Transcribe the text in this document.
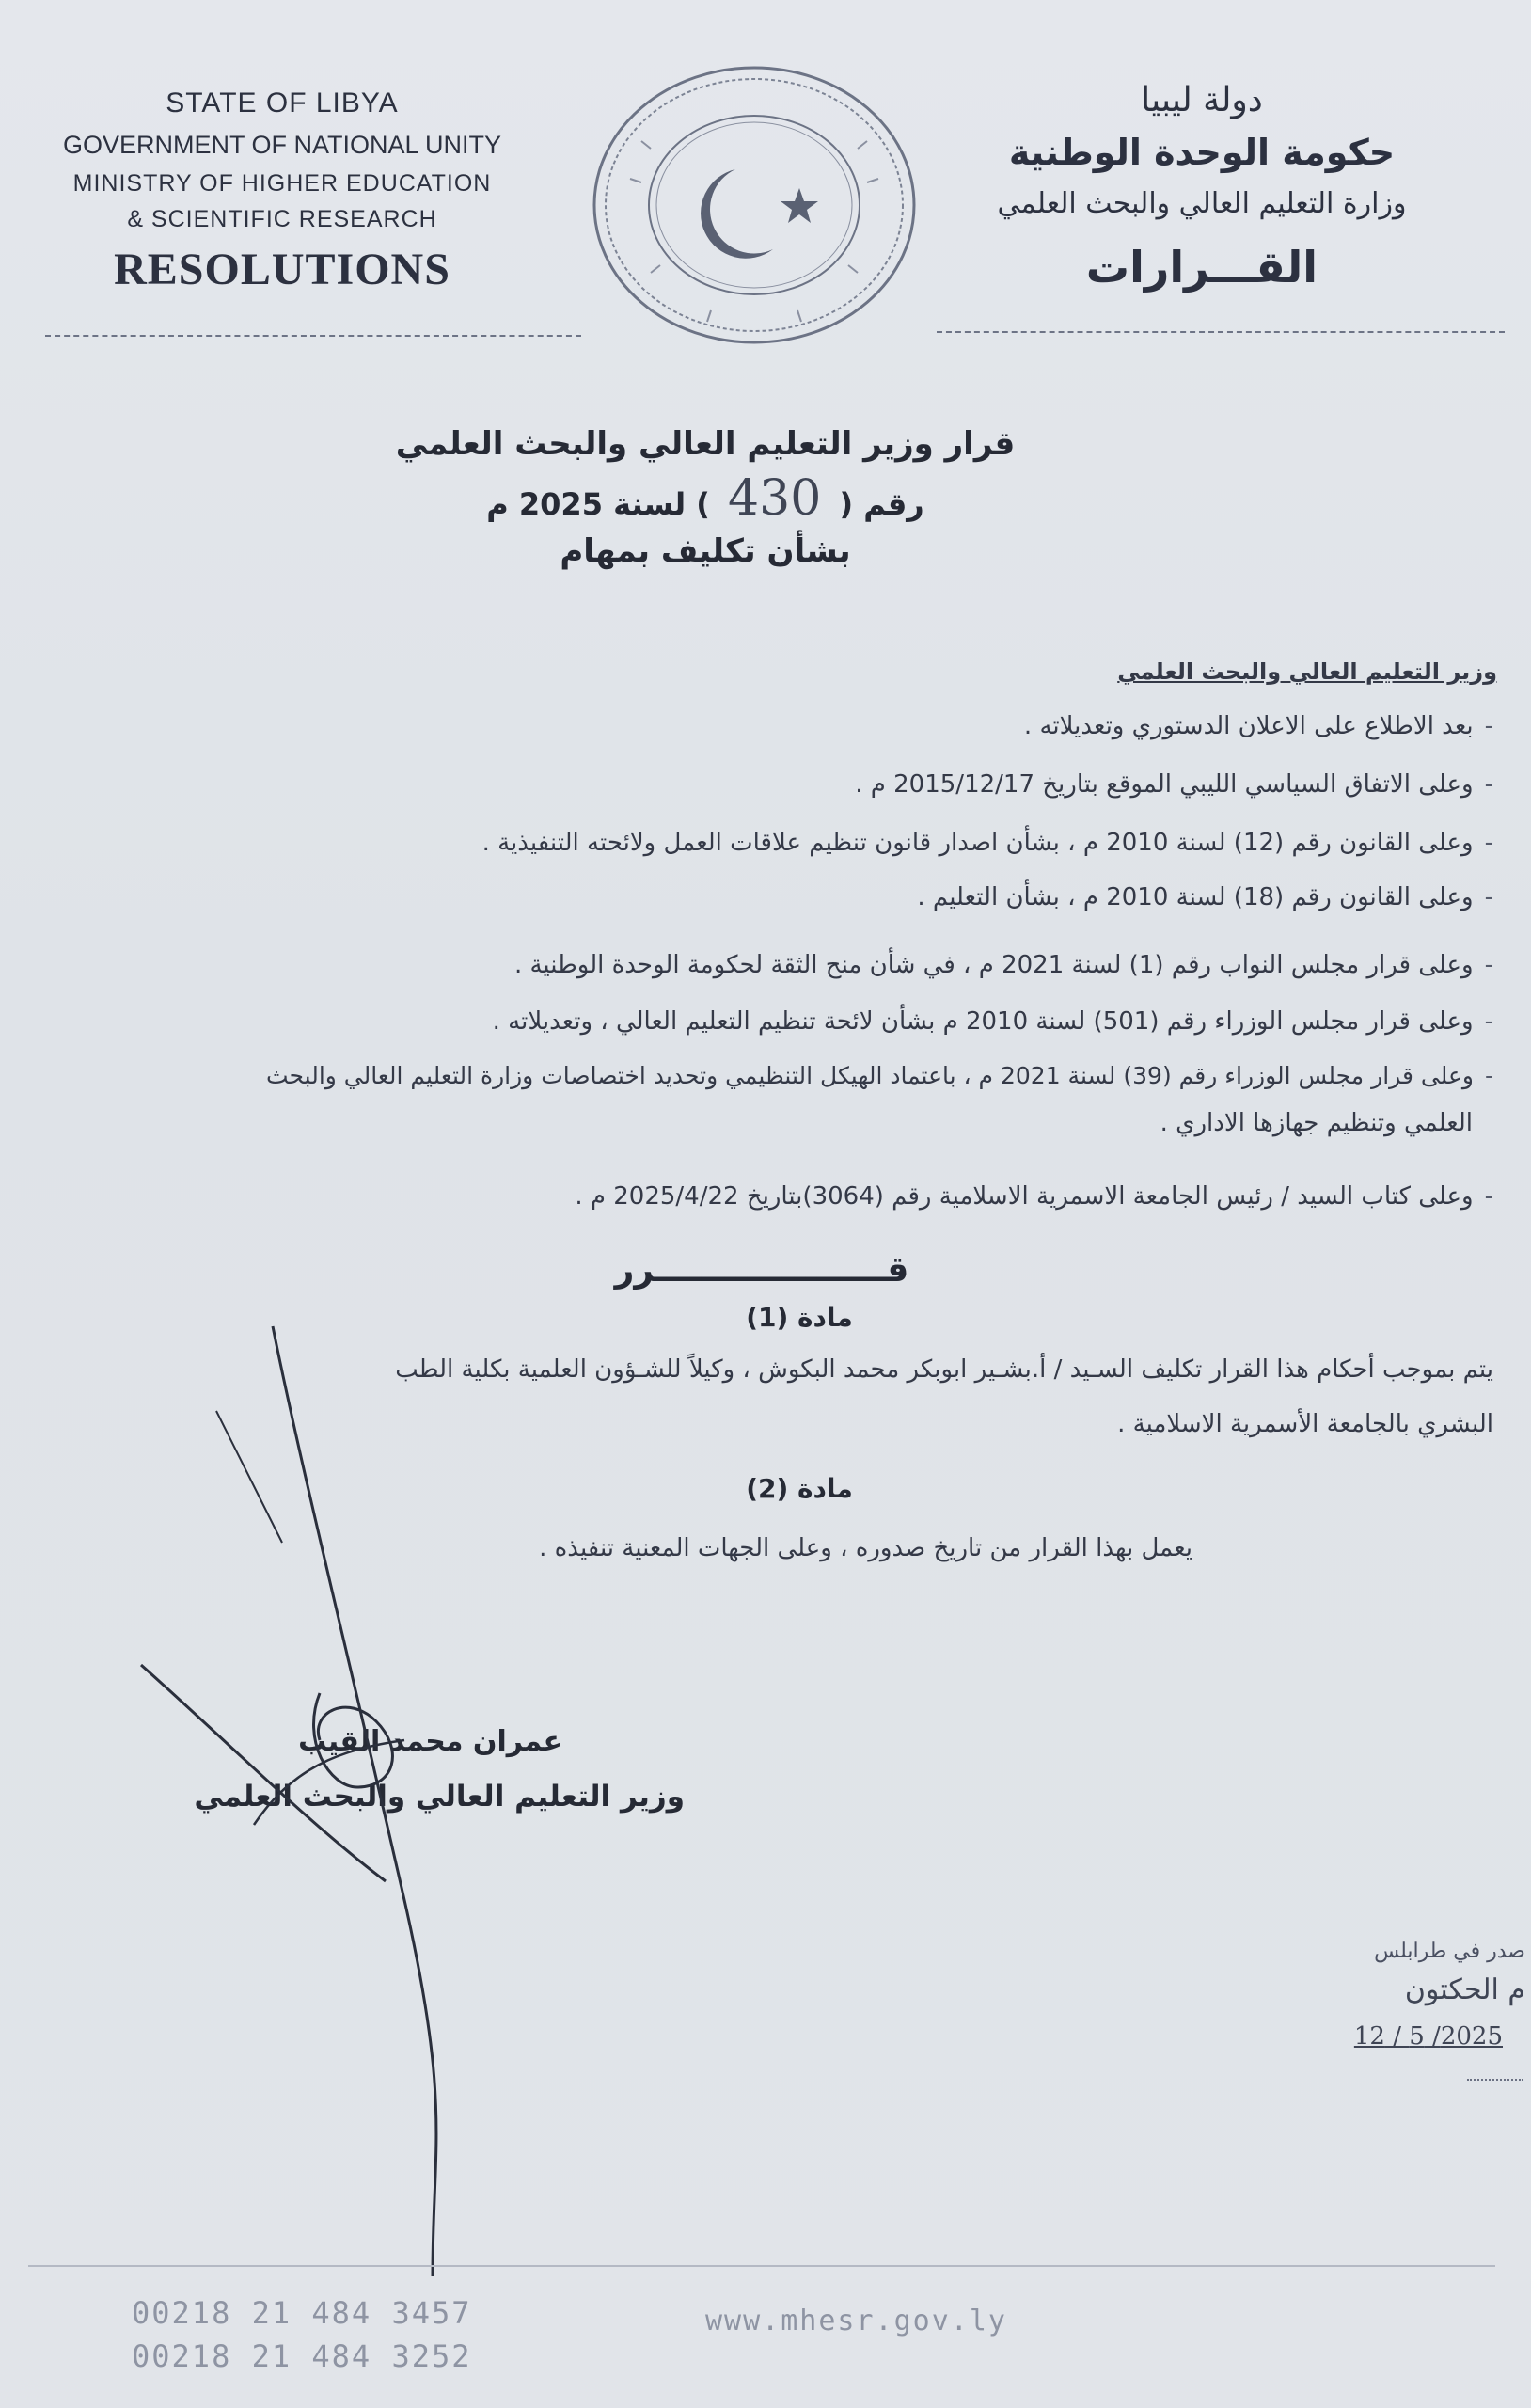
STATE OF LIBYA
GOVERNMENT OF NATIONAL UNITY
MINISTRY OF HIGHER EDUCATION
& SCIENTIFIC RESEARCH
RESOLUTIONS
دولة ليبيا
حكومة الوحدة الوطنية
وزارة التعليم العالي والبحث العلمي
القـــرارات
قرار وزير التعليم العالي والبحث العلمي
رقم ( 430 ) لسنة 2025 م
بشأن تكليف بمهام
وزير التعليم العالي والبحث العلمي
-بعد الاطلاع على الاعلان الدستوري وتعديلاته .
-وعلى الاتفاق السياسي الليبي الموقع بتاريخ 2015/12/17 م .
-وعلى القانون رقم (12) لسنة 2010 م ، بشأن اصدار قانون تنظيم علاقات العمل ولائحته التنفيذية .
-وعلى القانون رقم (18) لسنة 2010 م ، بشأن التعليم .
-وعلى قرار مجلس النواب رقم (1) لسنة 2021 م ، في شأن منح الثقة لحكومة الوحدة الوطنية .
-وعلى قرار مجلس الوزراء رقم (501) لسنة 2010 م بشأن لائحة تنظيم التعليم العالي ، وتعديلاته .
-وعلى قرار مجلس الوزراء رقم (39) لسنة 2021 م ، باعتماد الهيكل التنظيمي وتحديد اختصاصات وزارة التعليم العالي والبحث
العلمي وتنظيم جهازها الاداري .
-وعلى كتاب السيد / رئيس الجامعة الاسمرية الاسلامية رقم (3064)بتاريخ 2025/4/22 م .
قــــــــــــــــــــرر
مادة (1)
يتم بموجب أحكام هذا القرار تكليف السـيد / أ.بشـير ابوبكر محمد البكوش ، وكيلاً للشـؤون العلمية بكلية الطب
البشري بالجامعة الأسمرية الاسلامية .
مادة (2)
يعمل بهذا القرار من تاريخ صدوره ، وعلى الجهات المعنية تنفيذه .
عمران محمد القيب
وزير التعليم العالي والبحث العلمي
صدر في طرابلس
م الحكتون
2025/ 5 / 12
00218 21 484 3457
00218 21 484 3252
www.mhesr.gov.ly
